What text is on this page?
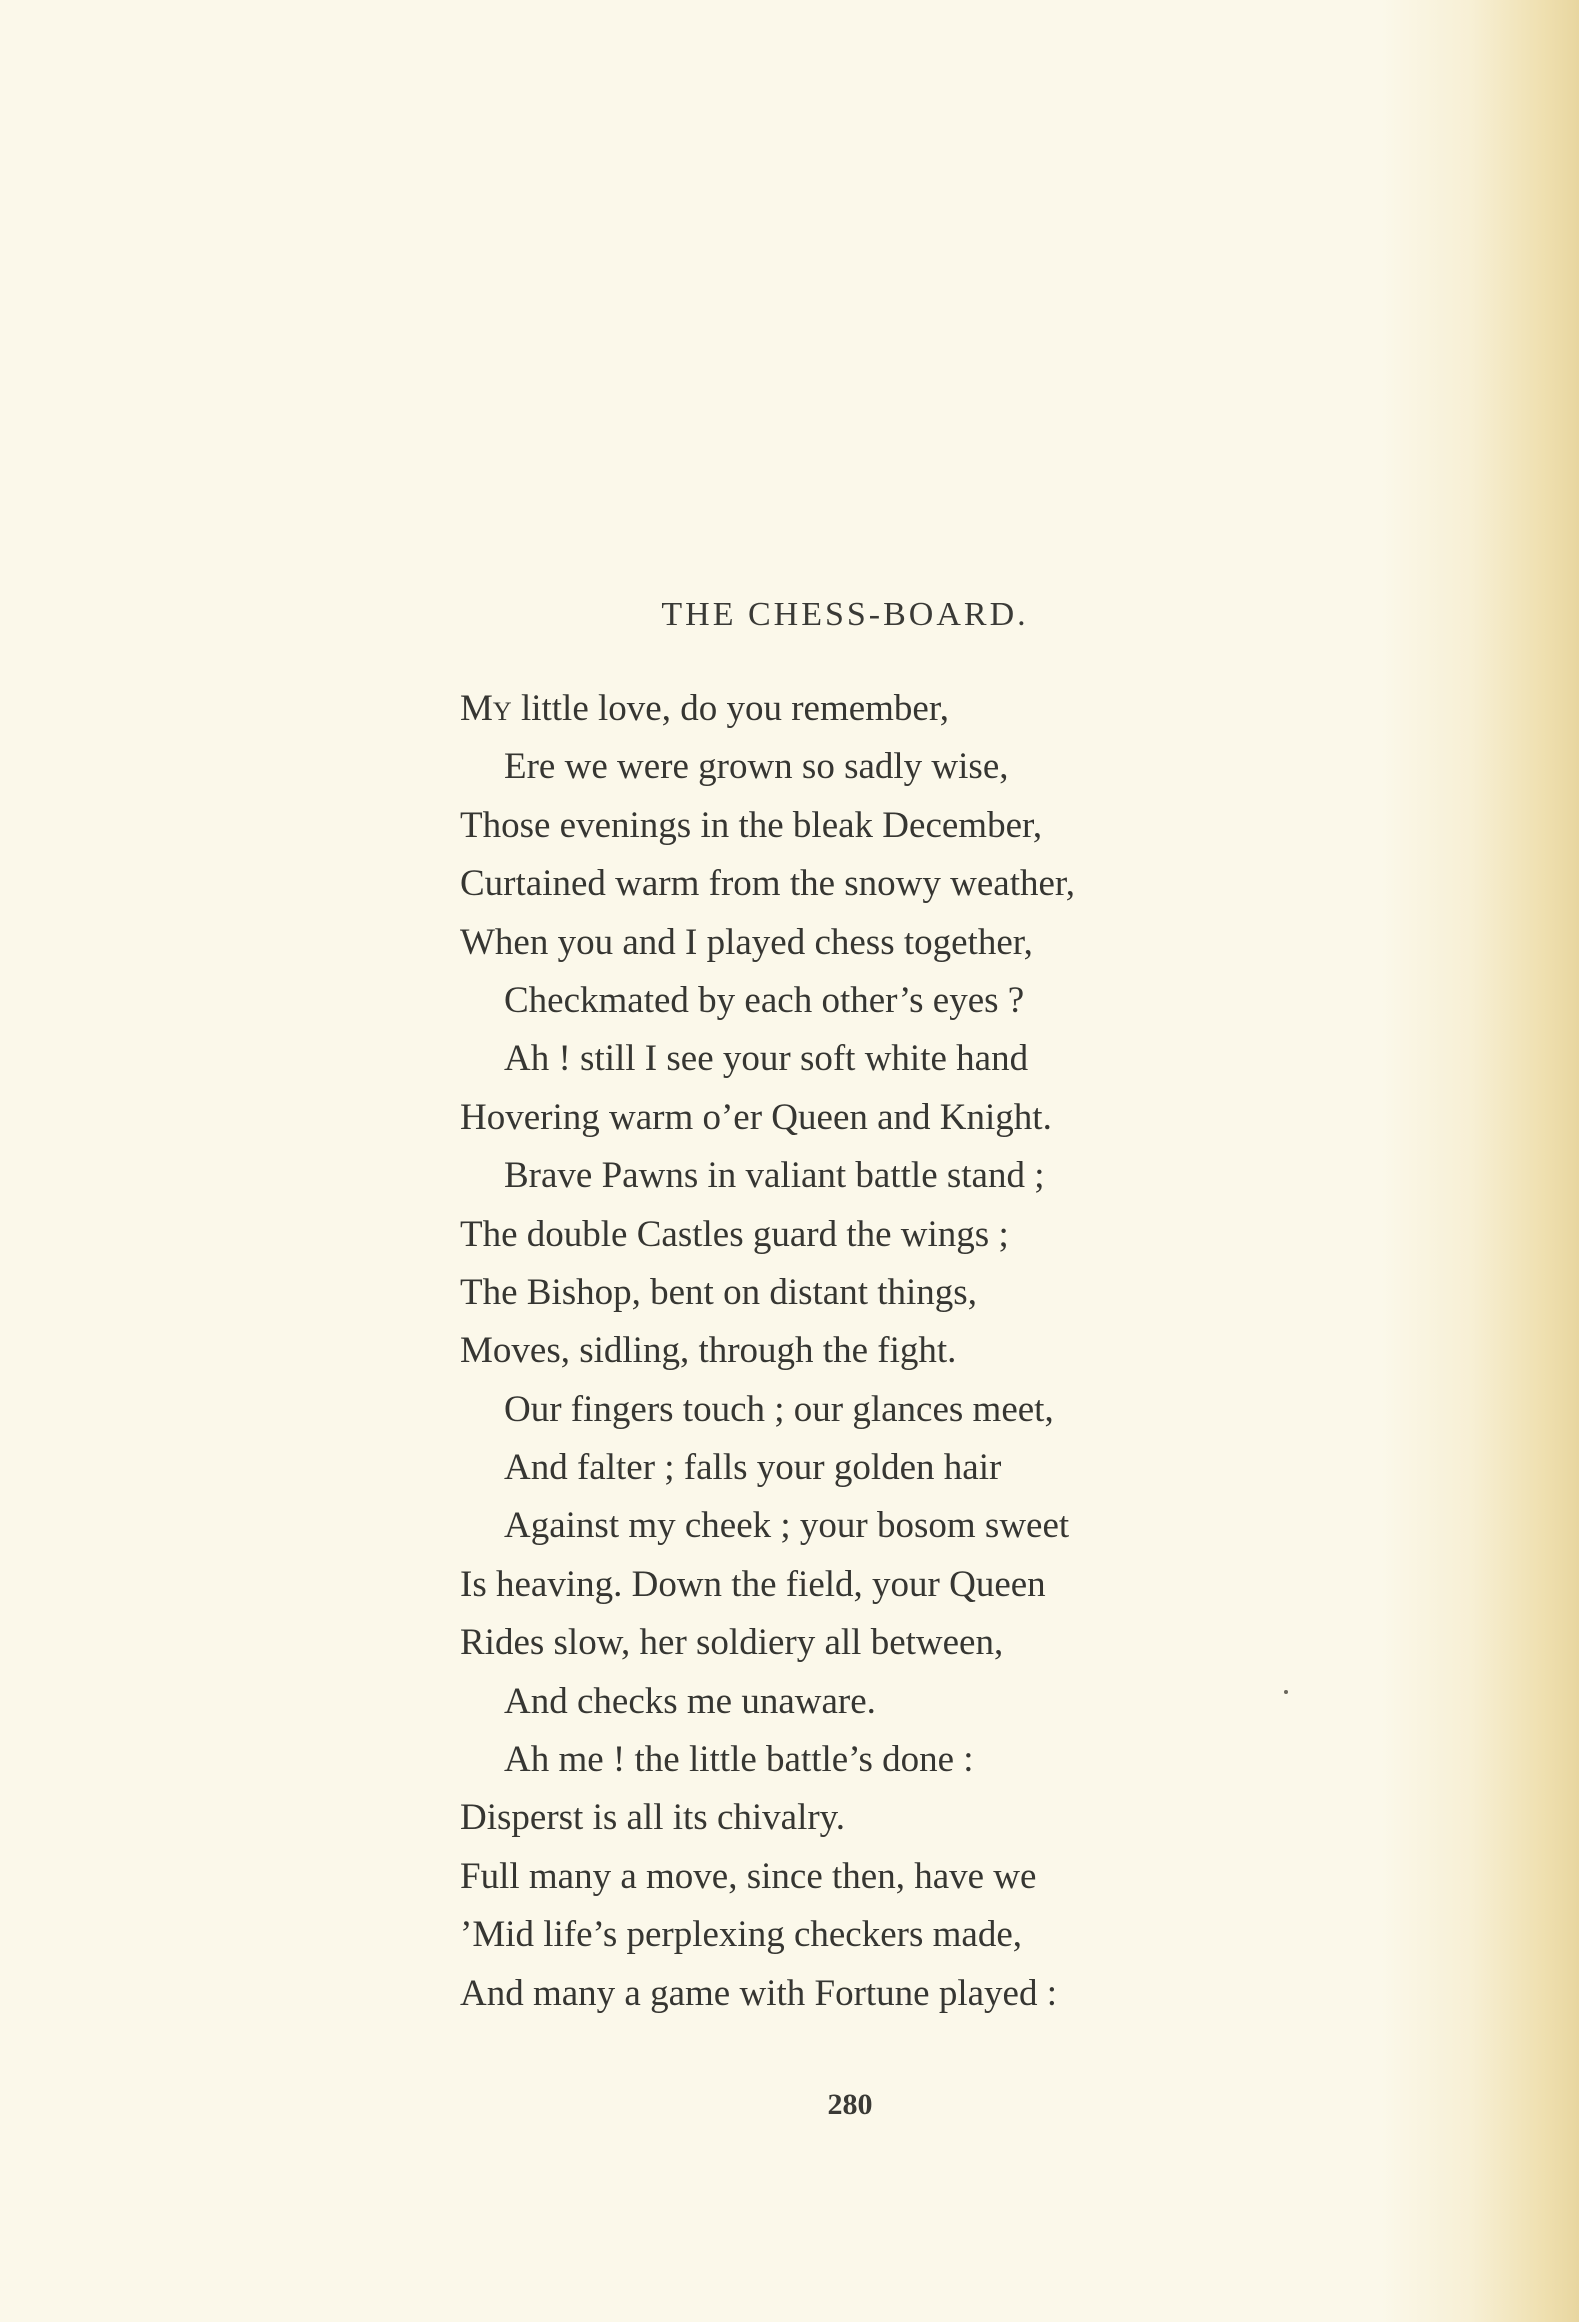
THE CHESS-BOARD.
My little love, do you remember,
Ere we were grown so sadly wise,
Those evenings in the bleak December,
Curtained warm from the snowy weather,
When you and I played chess together,
Checkmated by each other’s eyes ?
Ah ! still I see your soft white hand
Hovering warm o’er Queen and Knight.
Brave Pawns in valiant battle stand ;
The double Castles guard the wings ;
The Bishop, bent on distant things,
Moves, sidling, through the fight.
Our fingers touch ; our glances meet,
And falter ; falls your golden hair
Against my cheek ; your bosom sweet
Is heaving. Down the field, your Queen
Rides slow, her soldiery all between,
And checks me unaware.
Ah me ! the little battle’s done :
Disperst is all its chivalry.
Full many a move, since then, have we
’Mid life’s perplexing checkers made,
And many a game with Fortune played :
280
